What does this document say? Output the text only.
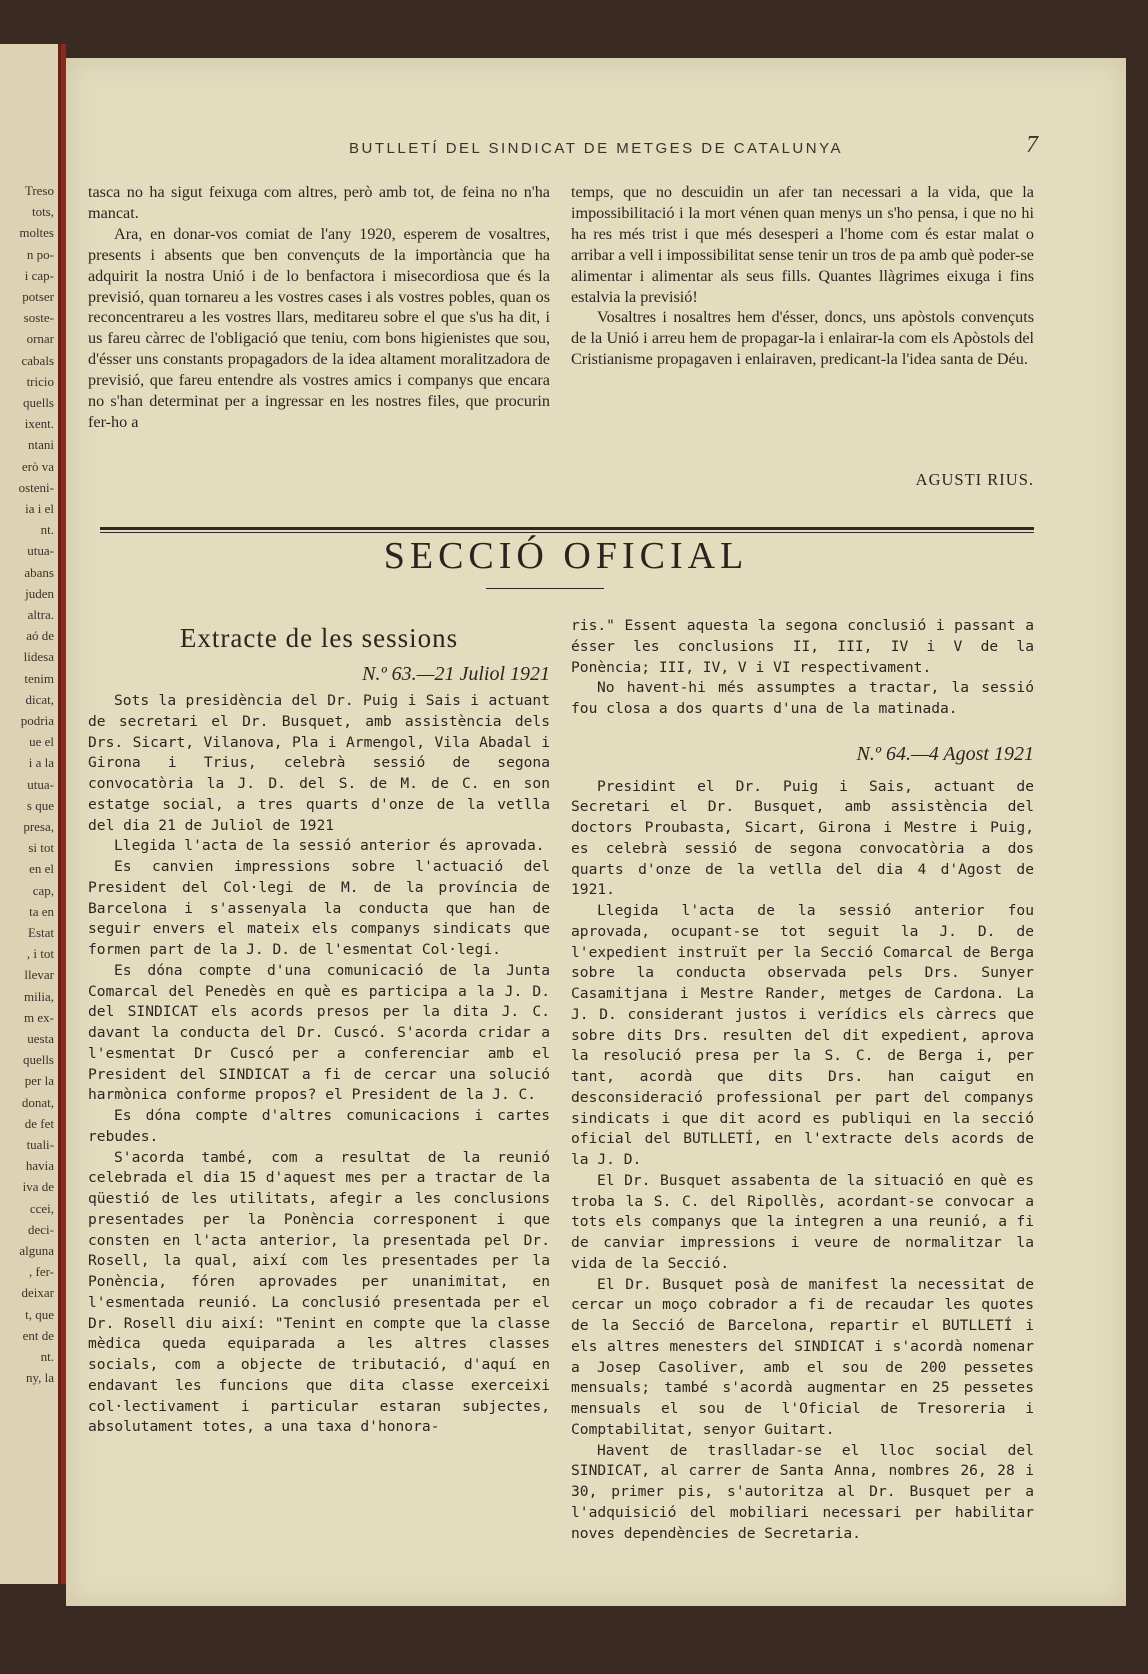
Treso
tots,
moltes
n po-
i cap-
potser
soste-
ornar
cabals
tricio
quells
ixent.
ntani
erò va
osteni-
ia i el
nt.
utua-
abans
juden
altra.
aó de
lidesa
tenim
dicat,
podria
ue el
i a la
utua-
s que
presa,
si tot
en el
cap,
ta en
Estat
, i tot
llevar
milia,
m ex-
uesta
quells
per la
donat,
de fet
tuali-
havia
iva de
ccei,
deci-
alguna
, fer-
deixar
t, que
ent de
nt.
ny, la
BUTLLETÍ DEL SINDICAT DE METGES DE CATALUNYA	7

tasca no ha sigut feixuga com altres, però amb tot, de feina no n'ha mancat.

Ara, en donar-vos comiat de l'any 1920, esperem de vosaltres, presents i absents que ben convençuts de la importància que ha adquirit la nostra Unió i de lo benfactora i misecordiosa que és la previsió, quan tornareu a les vostres cases i als vostres pobles, quan os reconcentrareu a les vostres llars, meditareu sobre el que s'us ha dit, i us fareu càrrec de l'obligació que teniu, com bons higienistes que sou, d'ésser uns constants propagadors de la idea altament moralitzadora de previsió, que fareu entendre als vostres amics i companys que encara no s'han determinat per a ingressar en les nostres files, que procurin fer-ho a

temps, que no descuidin un afer tan necessari a la vida, que la impossibilitació i la mort vénen quan menys un s'ho pensa, i que no hi ha res més trist i que més desesperi a l'home com és estar malat o arribar a vell i impossibilitat sense tenir un tros de pa amb què poder-se alimentar i alimentar als seus fills. Quantes llàgrimes eixuga i fins estalvia la previsió!

Vosaltres i nosaltres hem d'ésser, doncs, uns apòstols convençuts de la Unió i arreu hem de propagar-la i enlairar-la com els Apòstols del Cristianisme propagaven i enlairaven, predicant-la l'idea santa de Déu.

AGUSTI RIUS.
SECCIÓ OFICIAL
Extracte de les sessions
N.º 63.—21 Juliol 1921

Sots la presidència del Dr. Puig i Sais i actuant de secretari el Dr. Busquet, amb assistència dels Drs. Sicart, Vilanova, Pla i Armengol, Vila Abadal i Girona i Trius, celebrà sessió de segona convocatòria la J. D. del S. de M. de C. en son estatge social, a tres quarts d'onze de la vetlla del dia 21 de Juliol de 1921

Llegida l'acta de la sessió anterior és aprovada.

Es canvien impressions sobre l'actuació del President del Col·legi de M. de la província de Barcelona i s'assenyala la conducta que han de seguir envers el mateix els companys sindicats que formen part de la J. D. de l'esmentat Col·legi.

Es dóna compte d'una comunicació de la Junta Comarcal del Penedès en què es participa a la J. D. del SINDICAT els acords presos per la dita J. C. davant la conducta del Dr. Cuscó. S'acorda cridar a l'esmentat Dr Cuscó per a conferenciar amb el President del SINDICAT a fi de cercar una solució harmònica conforme propos? el President de la J. C.

Es dóna compte d'altres comunicacions i cartes rebudes.

S'acorda també, com a resultat de la reunió celebrada el dia 15 d'aquest mes per a tractar de la qüestió de les utilitats, afegir a les conclusions presentades per la Ponència corresponent i que consten en l'acta anterior, la presentada pel Dr. Rosell, la qual, així com les presentades per la Ponència, fóren aprovades per unanimitat, en l'esmentada reunió. La conclusió presentada per el Dr. Rosell diu així: "Tenint en compte que la classe mèdica queda equiparada a les altres classes socials, com a objecte de tributació, d'aquí en endavant les funcions que dita classe exerceixi col·lectivament i particular estaran subjectes, absolutament totes, a una taxa d'honora-

ris." Essent aquesta la segona conclusió i passant a ésser les conclusions II, III, IV i V de la Ponència; III, IV, V i VI respectivament.

No havent-hi més assumptes a tractar, la sessió fou closa a dos quarts d'una de la matinada.

N.º 64.—4 Agost 1921

Presidint el Dr. Puig i Sais, actuant de Secretari el Dr. Busquet, amb assistència del doctors Proubasta, Sicart, Girona i Mestre i Puig, es celebrà sessió de segona convocatòria a dos quarts d'onze de la vetlla del dia 4 d'Agost de 1921.

Llegida l'acta de la sessió anterior fou aprovada, ocupant-se tot seguit la J. D. de l'expedient instruït per la Secció Comarcal de Berga sobre la conducta observada pels Drs. Sunyer Casamitjana i Mestre Rander, metges de Cardona. La J. D. considerant justos i verídics els càrrecs que sobre dits Drs. resulten del dit expedient, aprova la resolució presa per la S. C. de Berga i, per tant, acordà que dits Drs. han caigut en desconsideració professional per part del companys sindicats i que dit acord es publiqui en la secció oficial del BUTLLETÍ, en l'extracte dels acords de la J. D.

El Dr. Busquet assabenta de la situació en què es troba la S. C. del Ripollès, acordant-se convocar a tots els companys que la integren a una reunió, a fi de canviar impressions i veure de normalitzar la vida de la Secció.

El Dr. Busquet posà de manifest la necessitat de cercar un moço cobrador a fi de recaudar les quotes de la Secció de Barcelona, repartir el BUTLLETÍ i els altres menesters del SINDICAT i s'acordà nomenar a Josep Casoliver, amb el sou de 200 pessetes mensuals; també s'acordà augmentar en 25 pessetes mensuals el sou de l'Oficial de Tresoreria i Comptabilitat, senyor Guitart.

Havent de traslladar-se el lloc social del SINDICAT, al carrer de Santa Anna, nombres 26, 28 i 30, primer pis, s'autoritza al Dr. Busquet per a l'adquisició del mobiliari necessari per habilitar noves dependències de Secretaria.
